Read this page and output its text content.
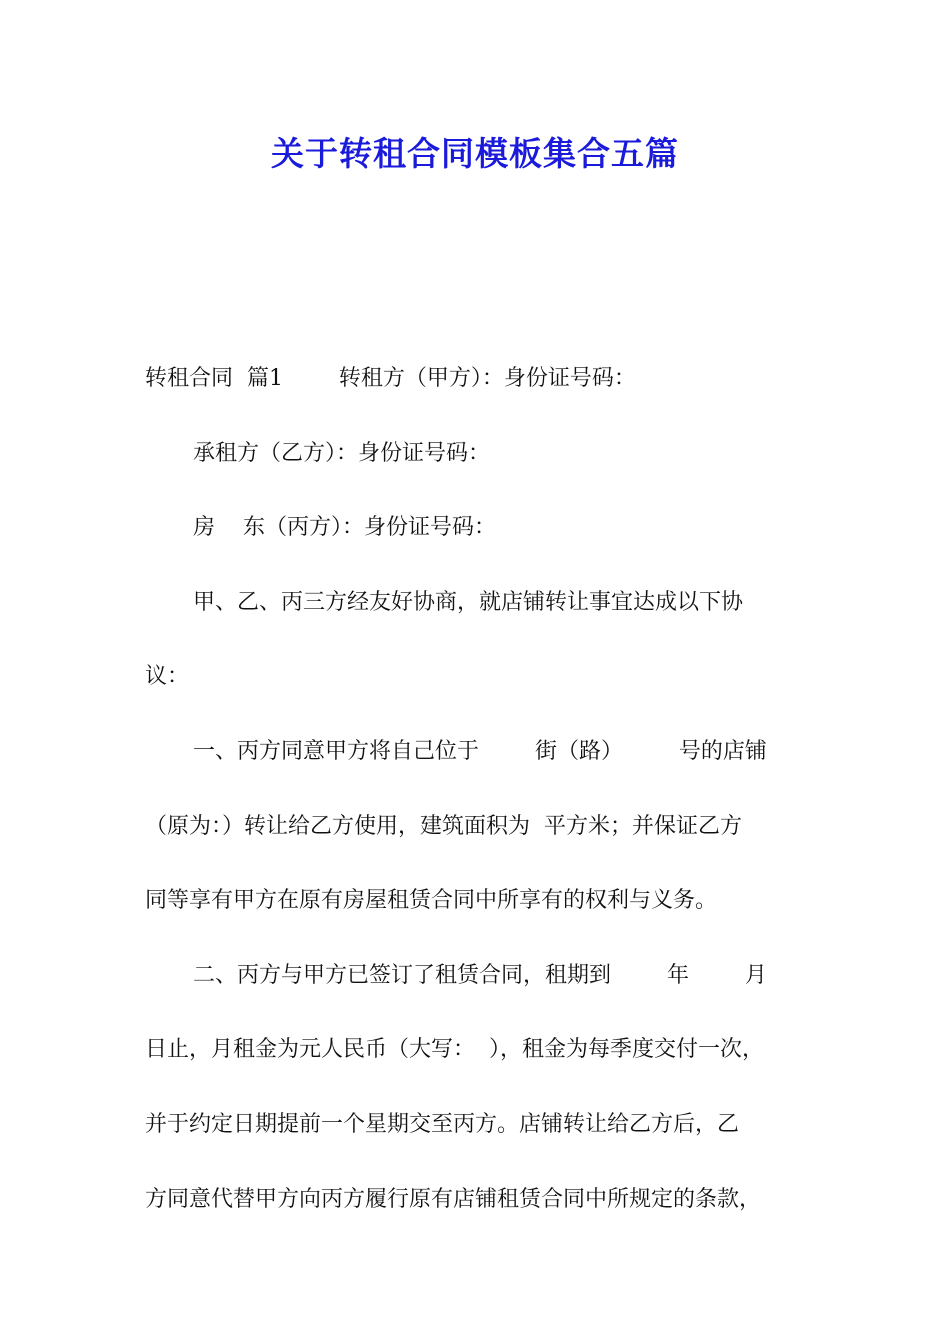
关于转租合同模板集合五篇
转租合同  篇1        转租方（甲方）：身份证号码：
承租方（乙方）：身份证号码：
房    东（丙方）：身份证号码：
甲、乙、丙三方经友好协商，就店铺转让事宜达成以下协
议：
一、丙方同意甲方将自己位于        街（路）        号的店铺
（原为：）转让给乙方使用，建筑面积为  平方米；并保证乙方
同等享有甲方在原有房屋租赁合同中所享有的权利与义务。
二、丙方与甲方已签订了租赁合同，租期到        年        月
日止，月租金为元人民币（大写：  ），租金为每季度交付一次，
并于约定日期提前一个星期交至丙方。店铺转让给乙方后，乙
方同意代替甲方向丙方履行原有店铺租赁合同中所规定的条款，
